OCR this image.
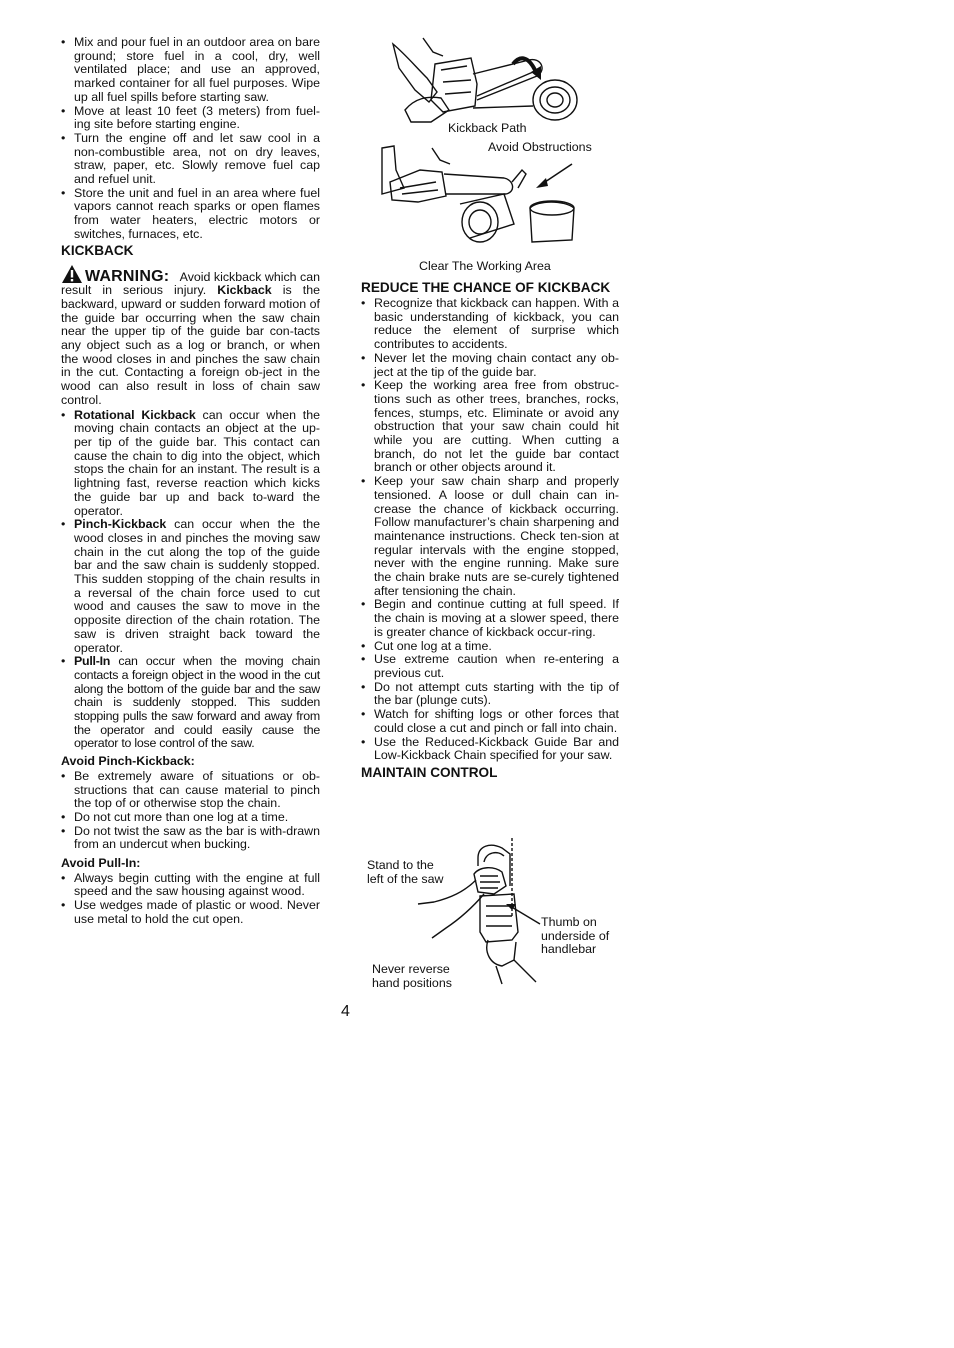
• Mix and pour fuel in an outdoor area on bare ground; store fuel in a cool, dry, well ventilated place; and use an approved, marked container for all fuel purposes. Wipe up all fuel spills before starting saw.
• Move at least 10 feet (3 meters) from fuel-ing site before starting engine.
• Turn the engine off and let saw cool in a non-combustible area, not on dry leaves, straw, paper, etc. Slowly remove fuel cap and refuel unit.
• Store the unit and fuel in an area where fuel vapors cannot reach sparks or open flames from water heaters, electric motors or switches, furnaces, etc.
KICKBACK
WARNING: Avoid kickback which can result in serious injury. Kickback is the backward, upward or sudden forward motion of the guide bar occurring when the saw chain near the upper tip of the guide bar con-tacts any object such as a log or branch, or when the wood closes in and pinches the saw chain in the cut. Contacting a foreign ob-ject in the wood can also result in loss of chain saw control.
• Rotational Kickback can occur when the moving chain contacts an object at the up-per tip of the guide bar. This contact can cause the chain to dig into the object, which stops the chain for an instant. The result is a lightning fast, reverse reaction which kicks the guide bar up and back to-ward the operator.
• Pinch-Kickback can occur when the the wood closes in and pinches the moving saw chain in the cut along the top of the guide bar and the saw chain is suddenly stopped. This sudden stopping of the chain results in a reversal of the chain force used to cut wood and causes the saw to move in the opposite direction of the chain rotation. The saw is driven straight back toward the operator.
• Pull-In can occur when the moving chain contacts a foreign object in the wood in the cut along the bottom of the guide bar and the saw chain is suddenly stopped. This sudden stopping pulls the saw forward and away from the operator and could easily cause the operator to lose control of the saw.
Avoid Pinch-Kickback:
• Be extremely aware of situations or ob-structions that can cause material to pinch the top of or otherwise stop the chain.
• Do not cut more than one log at a time.
• Do not twist the saw as the bar is with-drawn from an undercut when bucking.
Avoid Pull-In:
• Always begin cutting with the engine at full speed and the saw housing against wood.
• Use wedges made of plastic or wood. Never use metal to hold the cut open.
Kickback Path
Avoid Obstructions
Clear The Working Area
REDUCE THE CHANCE OF KICKBACK
• Recognize that kickback can happen. With a basic understanding of kickback, you can reduce the element of surprise which contributes to accidents.
• Never let the moving chain contact any ob-ject at the tip of the guide bar.
• Keep the working area free from obstruc-tions such as other trees, branches, rocks, fences, stumps, etc. Eliminate or avoid any obstruction that your saw chain could hit while you are cutting. When cutting a branch, do not let the guide bar contact branch or other objects around it.
• Keep your saw chain sharp and properly tensioned. A loose or dull chain can in-crease the chance of kickback occurring. Follow manufacturer’s chain sharpening and maintenance instructions. Check ten-sion at regular intervals with the engine stopped, never with the engine running. Make sure the chain brake nuts are se-curely tightened after tensioning the chain.
• Begin and continue cutting at full speed. If the chain is moving at a slower speed, there is greater chance of kickback occur-ring.
• Cut one log at a time.
• Use extreme caution when re-entering a previous cut.
• Do not attempt cuts starting with the tip of the bar (plunge cuts).
• Watch for shifting logs or other forces that could close a cut and pinch or fall into chain.
• Use the Reduced-Kickback Guide Bar and Low-Kickback Chain specified for your saw.
MAINTAIN CONTROL
Stand to the
left of the saw
Thumb on
underside of
handlebar
Never reverse
hand positions
4
